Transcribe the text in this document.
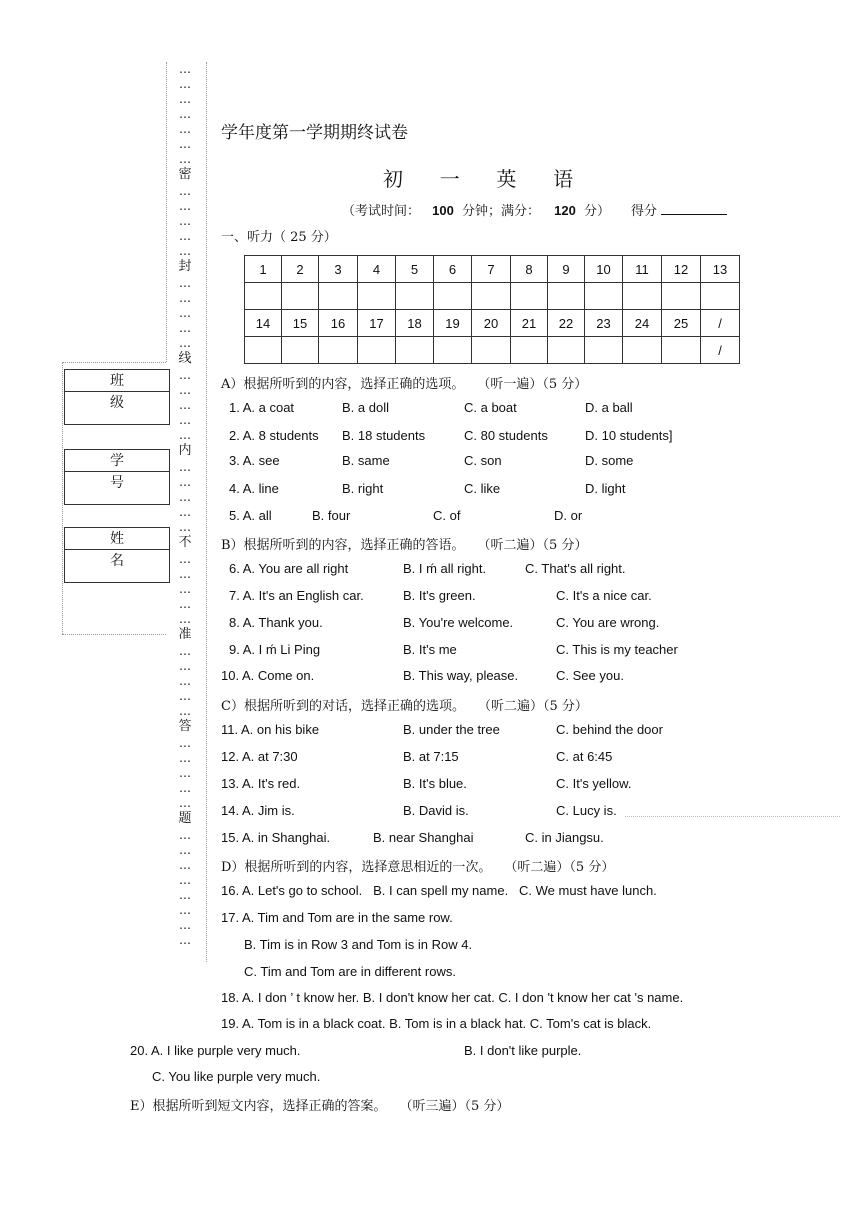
…
…
…
…
…
…
…
密
…
…
…
…
…
封
…
…
…
…
…
线
…
…
…
…
…
内
…
…
…
…
…
不
…
…
…
…
…
准
…
…
…
…
…
答
…
…
…
…
…
题
…
…
…
…
…
…
…
…
班级
学号
姓名
学年度第一学期期终试卷
初  一  英  语
（考试时间： 100 分钟；满分： 120 分） 得分
一、听力（ 25 分）
1	2	3	4	5	6	7	8	9	10	11	12	13

14	15	16	17	18	19	20	21	22	23	24	25	/
												/
A）根据所听到的内容，选择正确的选项。　　（听一遍）（5 分）
1. A. a coat	B. a doll	C. a boat	D. a ball
2. A. 8 students B. 18 students	C. 80 students	D. 10 students]
3. A. see	B. same	C. son	D. some
4. A. line	B. right	C. like	D. light
5. A. all	B. four	C. of	D. or
B）根据所听到的内容，选择正确的答语。　　（听二遍）（5 分）
6. A. You are all right	B. I ḿ all right.	C. That's all right.
7. A. It's an English car.	B. It's green.	C. It's a nice car.
8. A. Thank you.	B. You're welcome.	C. You are wrong.
9. A. I ḿ Li Ping	B. It's me	C. This is my teacher
10. A. Come on.	B. This way, please.	C. See you.
C）根据所听到的对话，选择正确的选项。　　（听二遍）（5 分）
11. A. on his bike	B. under the tree	C. behind the door
12. A. at 7:30	B. at 7:15	C. at 6:45
13. A. It's red.	B. It's blue.	C. It's yellow.
14. A. Jim is.	B. David is.	C. Lucy is.
15. A. in Shanghai.	B. near Shanghai	C. in Jiangsu.
D）根据所听到的内容，选择意思相近的一次。　　（听二遍）（5 分）
16. A. Let's go to school.   B. I can spell my name.   C. We must have lunch.
17. A. Tim and Tom are in the same row.
B. Tim is in Row 3 and Tom is in Row 4.
C. Tim and Tom are in different rows.
18. A. I don ’ t know her. B. I don't know her cat. C. I don 't know her cat 's name.
19. A. Tom is in a black coat. B. Tom is in a black hat. C. Tom's cat is black.
20. A. I like purple very much.	B. I don't like purple.
C. You like purple very much.
E）根据所听到短文内容，选择正确的答案。　　（听三遍）（5 分）
